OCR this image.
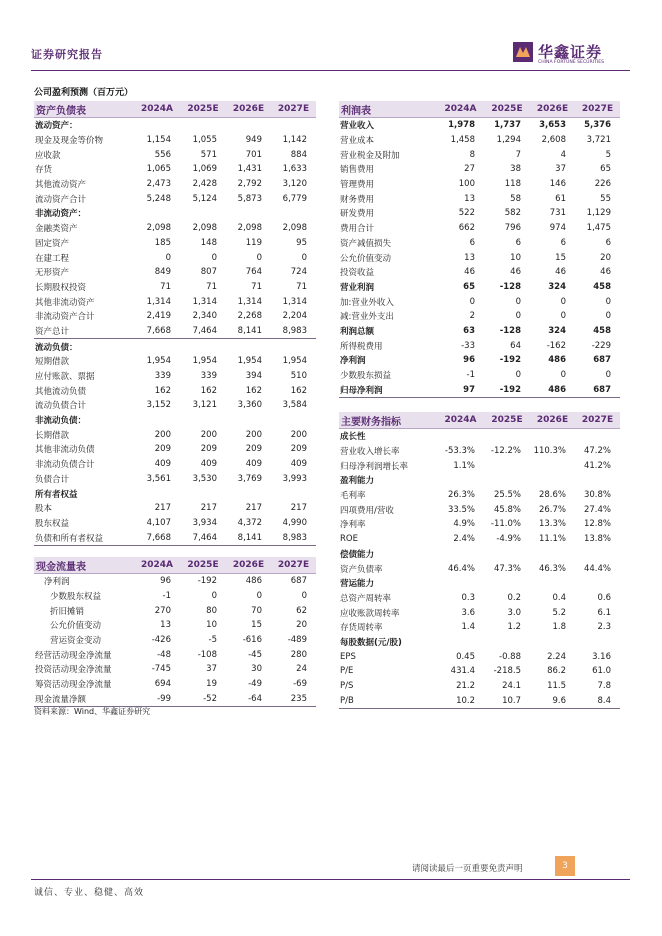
证券研究报告	华鑫证券
CHINA FORTUNE SECURITIES
公司盈利预测（百万元）
资产负债表	2024A	2025E	2026E	2027E
流动资产：				
现金及现金等价物	1,154	1,055	949	1,142
应收款	556	571	701	884
存货	1,065	1,069	1,431	1,633
其他流动资产	2,473	2,428	2,792	3,120
流动资产合计	5,248	5,124	5,873	6,779
非流动资产：				
金融类资产	2,098	2,098	2,098	2,098
固定资产	185	148	119	95
在建工程	0	0	0	0
无形资产	849	807	764	724
长期股权投资	71	71	71	71
其他非流动资产	1,314	1,314	1,314	1,314
非流动资产合计	2,419	2,340	2,268	2,204
资产总计	7,668	7,464	8,141	8,983
流动负债：				
短期借款	1,954	1,954	1,954	1,954
应付账款、票据	339	339	394	510
其他流动负债	162	162	162	162
流动负债合计	3,152	3,121	3,360	3,584
非流动负债：				
长期借款	200	200	200	200
其他非流动负债	209	209	209	209
非流动负债合计	409	409	409	409
负债合计	3,561	3,530	3,769	3,993
所有者权益				
股本	217	217	217	217
股东权益	4,107	3,934	4,372	4,990
负债和所有者权益	7,668	7,464	8,141	8,983
利润表	2024A	2025E	2026E	2027E
营业收入	1,978	1,737	3,653	5,376
营业成本	1,458	1,294	2,608	3,721
营业税金及附加	8	7	4	5
销售费用	27	38	37	65
管理费用	100	118	146	226
财务费用	13	58	61	55
研发费用	522	582	731	1,129
费用合计	662	796	974	1,475
资产减值损失	6	6	6	6
公允价值变动	13	10	15	20
投资收益	46	46	46	46
营业利润	65	-128	324	458
加:营业外收入	0	0	0	0
减:营业外支出	2	0	0	0
利润总额	63	-128	324	458
所得税费用	-33	64	-162	-229
净利润	96	-192	486	687
少数股东损益	-1	0	0	0
归母净利润	97	-192	486	687
主要财务指标	2024A	2025E	2026E	2027E
成长性				
营业收入增长率	-53.3%	-12.2%	110.3%	47.2%
归母净利润增长率	1.1%			41.2%
盈利能力				
毛利率	26.3%	25.5%	28.6%	30.8%
四项费用/营收	33.5%	45.8%	26.7%	27.4%
净利率	4.9%	-11.0%	13.3%	12.8%
ROE	2.4%	-4.9%	11.1%	13.8%
偿债能力				
资产负债率	46.4%	47.3%	46.3%	44.4%
营运能力				
总资产周转率	0.3	0.2	0.4	0.6
应收账款周转率	3.6	3.0	5.2	6.1
存货周转率	1.4	1.2	1.8	2.3
每股数据(元/股)				
EPS	0.45	-0.88	2.24	3.16
P/E	431.4	-218.5	86.2	61.0
P/S	21.2	24.1	11.5	7.8
P/B	10.2	10.7	9.6	8.4
现金流量表	2024A	2025E	2026E	2027E
净利润	96	-192	486	687
少数股东权益	-1	0	0	0
折旧摊销	270	80	70	62
公允价值变动	13	10	15	20
营运资金变动	-426	-5	-616	-489
经营活动现金净流量	-48	-108	-45	280
投资活动现金净流量	-745	37	30	24
筹资活动现金净流量	694	19	-49	-69
现金流量净额	-99	-52	-64	235
资料来源：Wind、华鑫证券研究
请阅读最后一页重要免责声明	3
诚信、专业、稳健、高效
